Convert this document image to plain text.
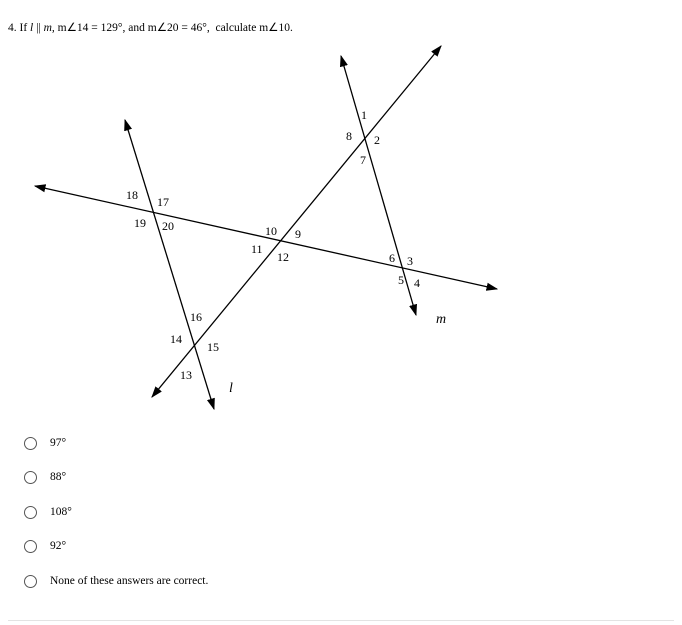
4. If l || m, m∠14 = 129°, and m∠20 = 46°, calculate m∠10.
1
2
3
4
5
6
7
8
9
10
11
12
13
14
15
16
17
18
19 20
l
m
97°
88°
108°
92°
None of these answers are correct.
